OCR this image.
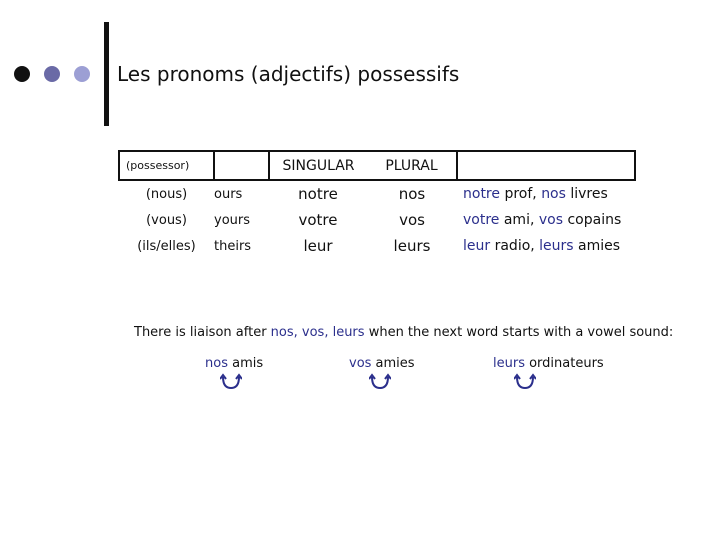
Les pronoms (adjectifs) possessifs
(possessor)		SINGULAR	PLURAL	
(nous)	ours	notre	nos	notre prof, nos livres
(vous)	yours	votre	vos	votre ami, vos copains
(ils/elles)	theirs	leur	leurs	leur radio, leurs amies
There is liaison after nos, vos, leurs when the next word starts with a vowel sound:
nos amis	vos amies	leurs ordinateurs
